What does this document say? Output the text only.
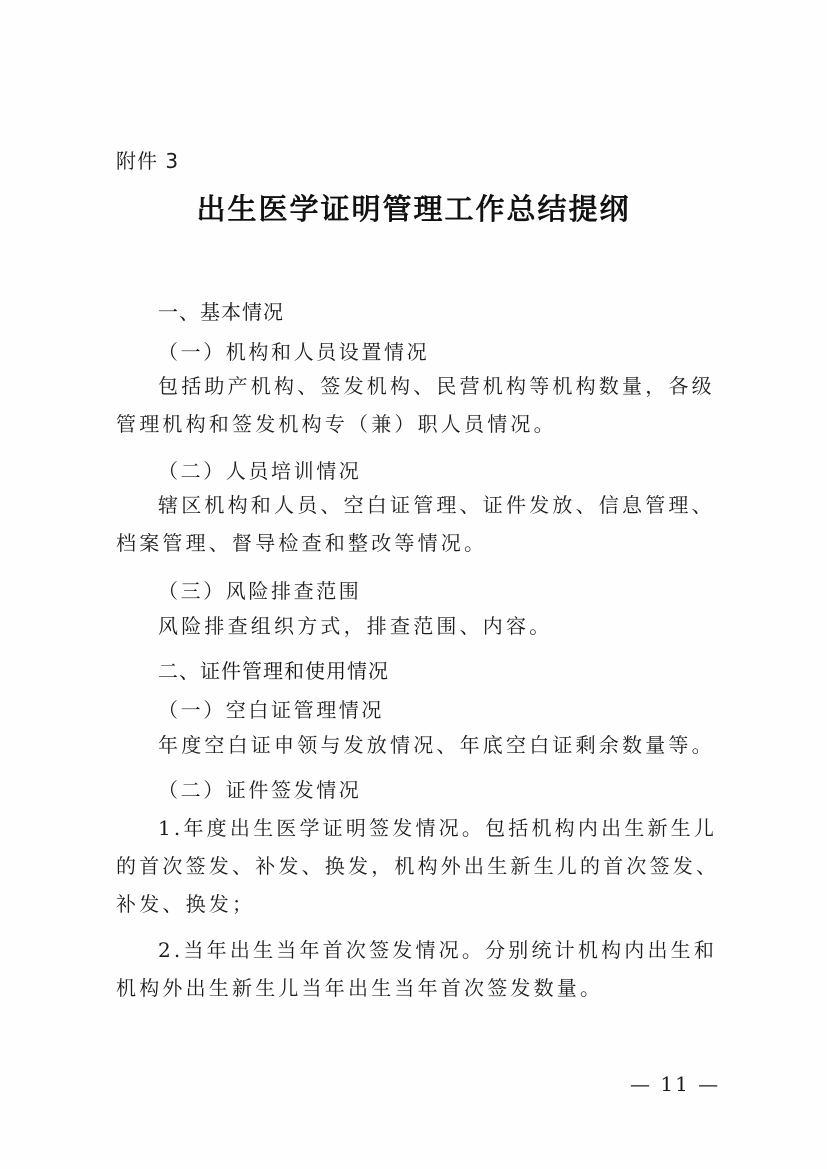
附件 3
出生医学证明管理工作总结提纲
一、基本情况
（一）机构和人员设置情况

包括助产机构、签发机构、民营机构等机构数量，各级管理机构和签发机构专（兼）职人员情况。

（二）人员培训情况

辖区机构和人员、空白证管理、证件发放、信息管理、档案管理、督导检查和整改等情况。

（三）风险排查范围

风险排查组织方式，排查范围、内容。

二、证件管理和使用情况
（一）空白证管理情况

年度空白证申领与发放情况、年底空白证剩余数量等。

（二）证件签发情况

1.年度出生医学证明签发情况。包括机构内出生新生儿的首次签发、补发、换发，机构外出生新生儿的首次签发、补发、换发；

2.当年出生当年首次签发情况。分别统计机构内出生和机构外出生新生儿当年出生当年首次签发数量。

— 11 —
